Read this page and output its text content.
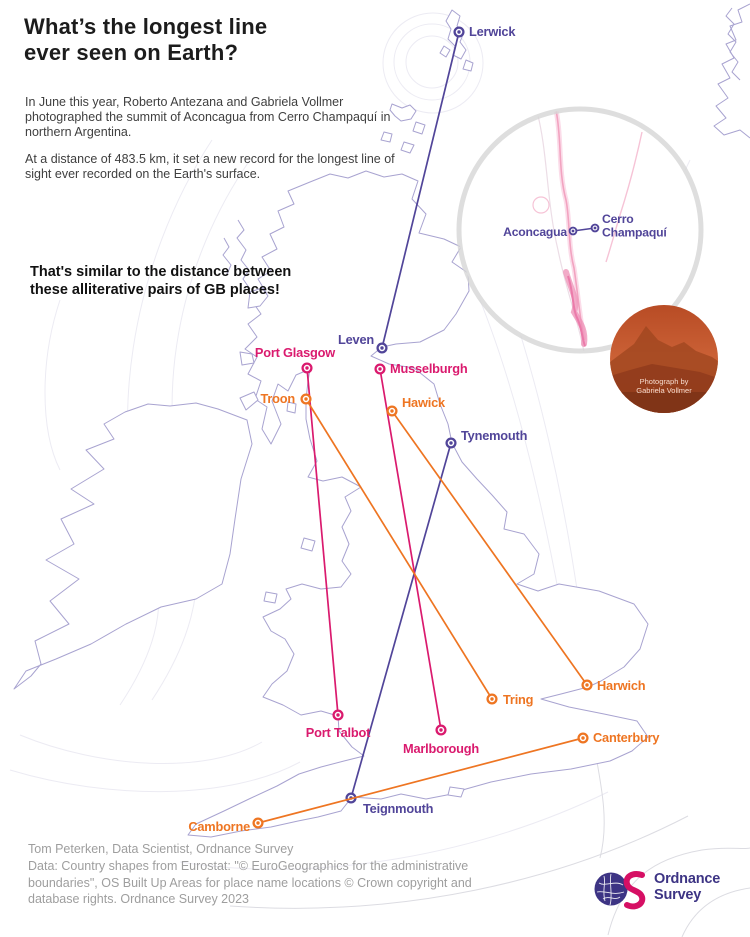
Aconcagua
Cerro
Champaquí
Lerwick
Leven
Tynemouth
Teignmouth
Port Glasgow
Port Talbot
Musselburgh
Marlborough
Troon
Tring
Hawick
Harwich
Camborne
Canterbury
What’s the longest line
ever seen on Earth?
In June this year, Roberto Antezana and Gabriela Vollmer photographed the summit of Aconcagua from Cerro Champaquí in northern Argentina.
At a distance of 483.5 km, it set a new record for the longest line of sight ever recorded on the Earth's surface.
That's similar to the distance between
these alliterative pairs of GB places!
Photograph by
Gabriela Vollmer
Tom Peterken, Data Scientist, Ordnance Survey
Data: Country shapes from Eurostat: "© EuroGeographics for the administrative boundaries", OS Built Up Areas for place name locations © Crown copyright and database rights. Ordnance Survey 2023
Ordnance
Survey
